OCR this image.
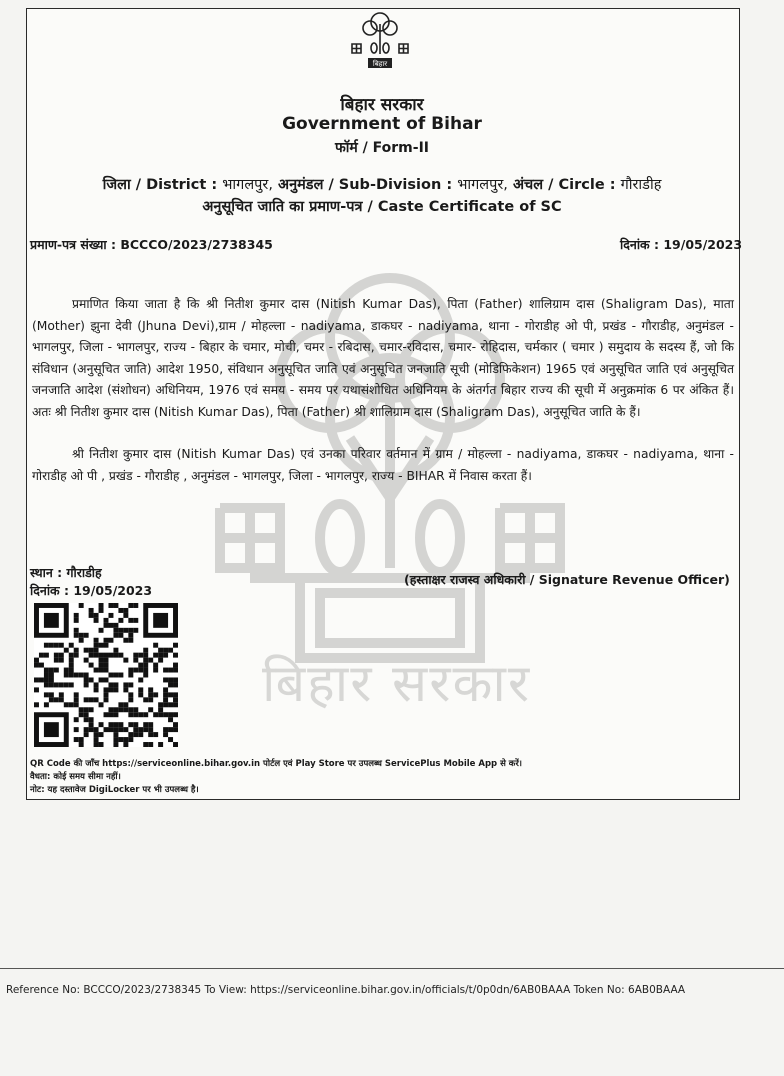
बिहार सरकार
बिहार
बिहार सरकार
Government of Bihar
फॉर्म / Form-II
जिला / District : भागलपुर, अनुमंडल / Sub-Division : भागलपुर, अंचल / Circle : गौराडीह
अनुसूचित जाति का प्रमाण-पत्र / Caste Certificate of SC
प्रमाण-पत्र संख्या : BCCCO/2023/2738345	दिनांक : 19/05/2023
प्रमाणित किया जाता है कि श्री नितीश कुमार दास (Nitish Kumar Das), पिता (Father) शालिग्राम दास (Shaligram Das), माता (Mother) झुना देवी (Jhuna Devi),ग्राम / मोहल्ला - nadiyama, डाकघर - nadiyama, थाना - गोराडीह ओ पी, प्रखंड - गौराडीह, अनुमंडल - भागलपुर, जिला - भागलपुर, राज्य - बिहार के चमार, मोची, चमर - रबिदास, चमार-रविदास, चमार- रोहिदास, चर्मकार ( चमार ) समुदाय के सदस्य हैं, जो कि संविधान (अनुसूचित जाति) आदेश 1950, संविधान अनुसूचित जाति एवं अनुसूचित जनजाति सूची (मोडिफिकेशन) 1965 एवं अनुसूचित जाति एवं अनुसूचित जनजाति आदेश (संशोधन) अधिनियम, 1976 एवं समय - समय पर यथासंशोधित अधिनियम के अंतर्गत बिहार राज्य की सूची में अनुक्रमांक 6 पर अंकित हैं। अतः श्री नितीश कुमार दास (Nitish Kumar Das), पिता (Father) श्री शालिग्राम दास (Shaligram Das), अनुसूचित जाति के हैं।
श्री नितीश कुमार दास (Nitish Kumar Das) एवं उनका परिवार वर्तमान में ग्राम / मोहल्ला - nadiyama, डाकघर - nadiyama, थाना - गोराडीह ओ पी , प्रखंड - गौराडीह , अनुमंडल - भागलपुर, जिला - भागलपुर, राज्य - BIHAR में निवास करता हैं।
स्थान : गौराडीह
दिनांक : 19/05/2023
(हस्ताक्षर राजस्व अधिकारी / Signature Revenue Officer)
QR Code की जाँच https://serviceonline.bihar.gov.in पोर्टल एवं Play Store पर उपलब्ध ServicePlus Mobile App से करें।
वैधता: कोई समय सीमा नहीं।
नोट: यह दस्तावेज DigiLocker पर भी उपलब्ध है।
Reference No: BCCCO/2023/2738345 To View: https://serviceonline.bihar.gov.in/officials/t/0p0dn/6AB0BAAA Token No: 6AB0BAAA
